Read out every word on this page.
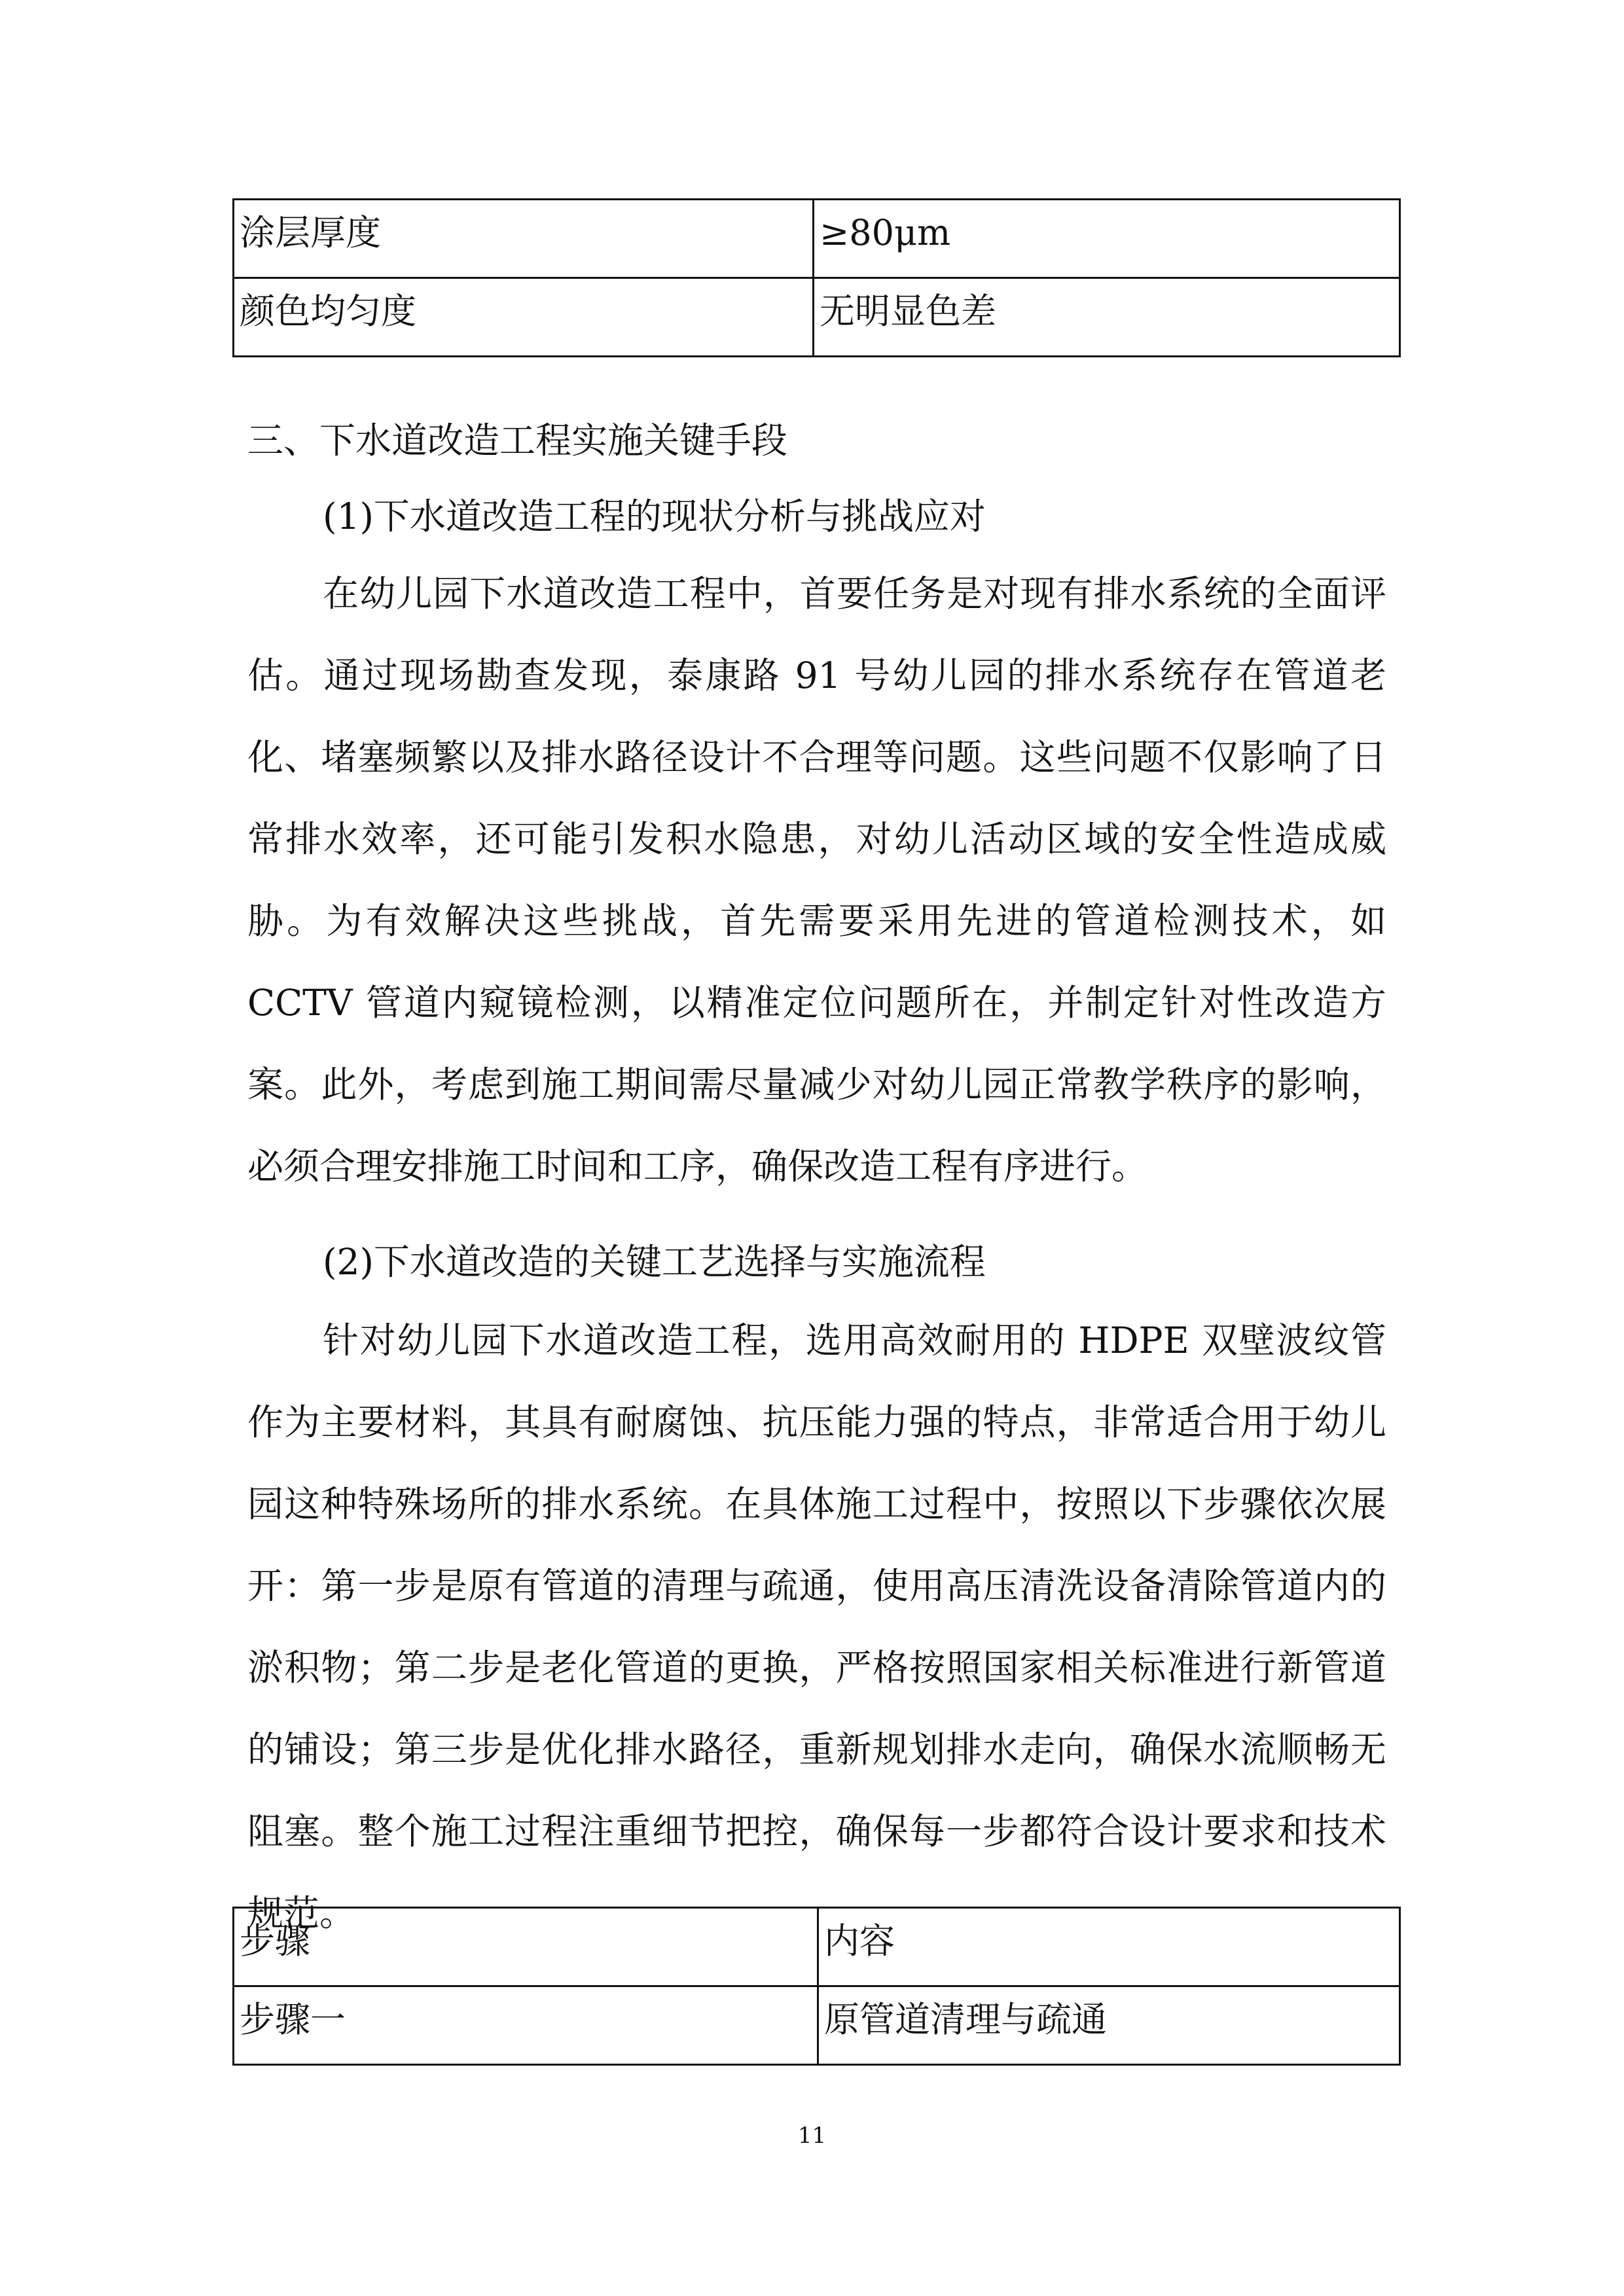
涂层厚度	≥80μm
颜色均匀度	无明显色差
三、下水道改造工程实施关键手段
(1)下水道改造工程的现状分析与挑战应对

在幼儿园下水道改造工程中，首要任务是对现有排水系统的全面评估。通过现场勘查发现，泰康路 91 号幼儿园的排水系统存在管道老化、堵塞频繁以及排水路径设计不合理等问题。这些问题不仅影响了日常排水效率，还可能引发积水隐患，对幼儿活动区域的安全性造成威胁。为有效解决这些挑战，首先需要采用先进的管道检测技术，如 CCTV 管道内窥镜检测，以精准定位问题所在，并制定针对性改造方案。此外，考虑到施工期间需尽量减少对幼儿园正常教学秩序的影响，必须合理安排施工时间和工序，确保改造工程有序进行。

(2)下水道改造的关键工艺选择与实施流程

针对幼儿园下水道改造工程，选用高效耐用的 HDPE 双壁波纹管作为主要材料，其具有耐腐蚀、抗压能力强的特点，非常适合用于幼儿园这种特殊场所的排水系统。在具体施工过程中，按照以下步骤依次展开：第一步是原有管道的清理与疏通，使用高压清洗设备清除管道内的淤积物；第二步是老化管道的更换，严格按照国家相关标准进行新管道的铺设；第三步是优化排水路径，重新规划排水走向，确保水流顺畅无阻塞。整个施工过程注重细节把控，确保每一步都符合设计要求和技术规范。

步骤	内容
步骤一	原管道清理与疏通
11
